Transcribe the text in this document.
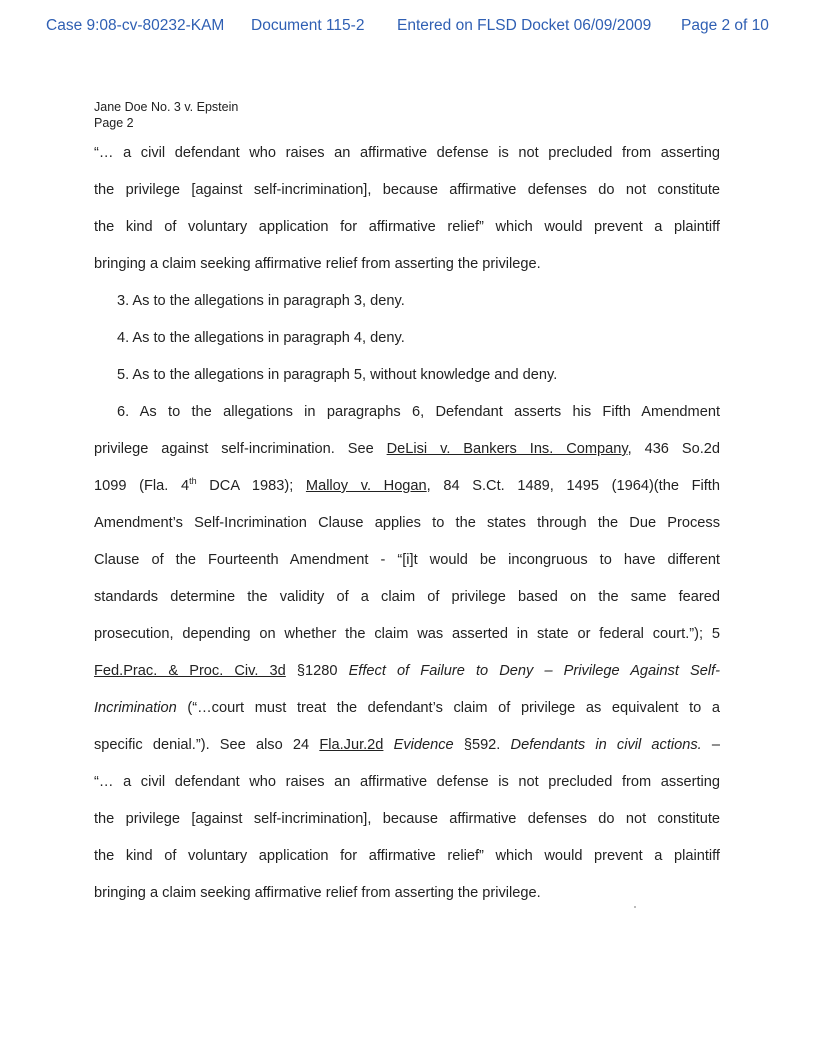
Case 9:08-cv-80232-KAM Document 115-2 Entered on FLSD Docket 06/09/2009 Page 2 of 10
Jane Doe No. 3 v. Epstein
Page 2
“… a civil defendant who raises an affirmative defense is not precluded from asserting
the privilege [against self-incrimination], because affirmative defenses do not constitute
the kind of voluntary application for affirmative relief” which would prevent a plaintiff
bringing a claim seeking affirmative relief from asserting the privilege.
3. As to the allegations in paragraph 3, deny.
4. As to the allegations in paragraph 4, deny.
5. As to the allegations in paragraph 5, without knowledge and deny.
6. As to the allegations in paragraphs 6, Defendant asserts his Fifth Amendment
privilege against self-incrimination. See DeLisi v. Bankers Ins. Company, 436 So.2d
1099 (Fla. 4th DCA 1983); Malloy v. Hogan, 84 S.Ct. 1489, 1495 (1964)(the Fifth
Amendment’s Self-Incrimination Clause applies to the states through the Due Process
Clause of the Fourteenth Amendment - “[i]t would be incongruous to have different
standards determine the validity of a claim of privilege based on the same feared
prosecution, depending on whether the claim was asserted in state or federal court.”); 5
Fed.Prac. & Proc. Civ. 3d §1280 Effect of Failure to Deny – Privilege Against Self-
Incrimination (“…court must treat the defendant’s claim of privilege as equivalent to a
specific denial.”). See also 24 Fla.Jur.2d Evidence §592. Defendants in civil actions. –
“… a civil defendant who raises an affirmative defense is not precluded from asserting
the privilege [against self-incrimination], because affirmative defenses do not constitute
the kind of voluntary application for affirmative relief” which would prevent a plaintiff
bringing a claim seeking affirmative relief from asserting the privilege.
